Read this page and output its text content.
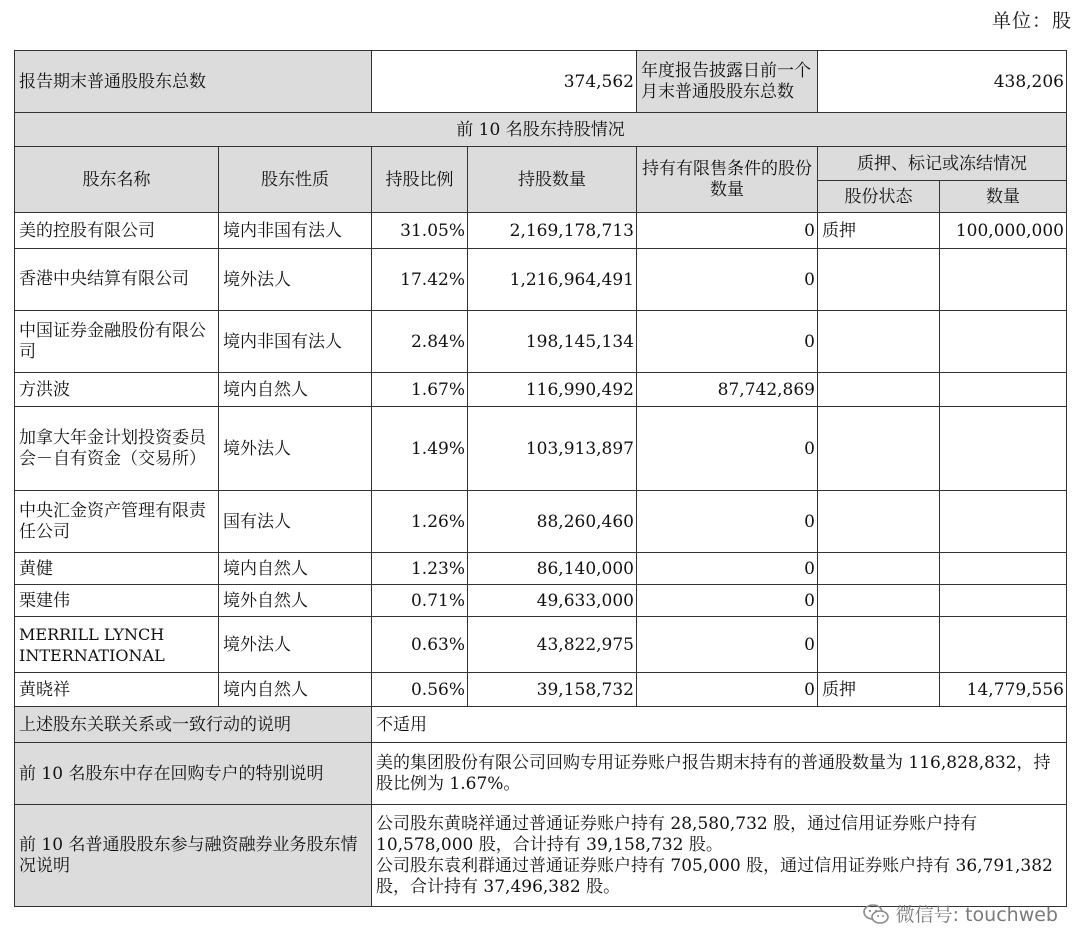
单位：股
报告期末普通股股东总数		374,562		年度报告披露日前一个月末普通股股东总数	438,206	
前 10 名股东持股情况						
股东名称	股东性质	持股比例	持股数量	持有有限售条件的股份数量	质押、标记或冻结情况	
					股份状态	数量
美的控股有限公司	境内非国有法人	31.05%	2,169,178,713	0	质押	100,000,000
香港中央结算有限公司	境外法人	17.42%	1,216,964,491	0		
中国证券金融股份有限公司	境内非国有法人	2.84%	198,145,134	0		
方洪波	境内自然人	1.67%	116,990,492	87,742,869		
加拿大年金计划投资委员会－自有资金（交易所）	境外法人	1.49%	103,913,897	0		
中央汇金资产管理有限责任公司	国有法人	1.26%	88,260,460	0		
黄健	境内自然人	1.23%	86,140,000	0		
栗建伟	境外自然人	0.71%	49,633,000	0		
MERRILL LYNCH INTERNATIONAL	境外法人	0.63%	43,822,975	0		
黄晓祥	境内自然人	0.56%	39,158,732	0	质押	14,779,556
上述股东关联关系或一致行动的说明		不适用				
前 10 名股东中存在回购专户的特别说明		美的集团股份有限公司回购专用证券账户报告期末持有的普通股数量为 116,828,832，持股比例为 1.67%。				
前 10 名普通股股东参与融资融券业务股东情况说明		公司股东黄晓祥通过普通证券账户持有 28,580,732 股，通过信用证券账户持有 10,578,000 股，合计持有 39,158,732 股。
公司股东袁利群通过普通证券账户持有 705,000 股，通过信用证券账户持有 36,791,382 股，合计持有 37,496,382 股。				
微信号: touchweb
